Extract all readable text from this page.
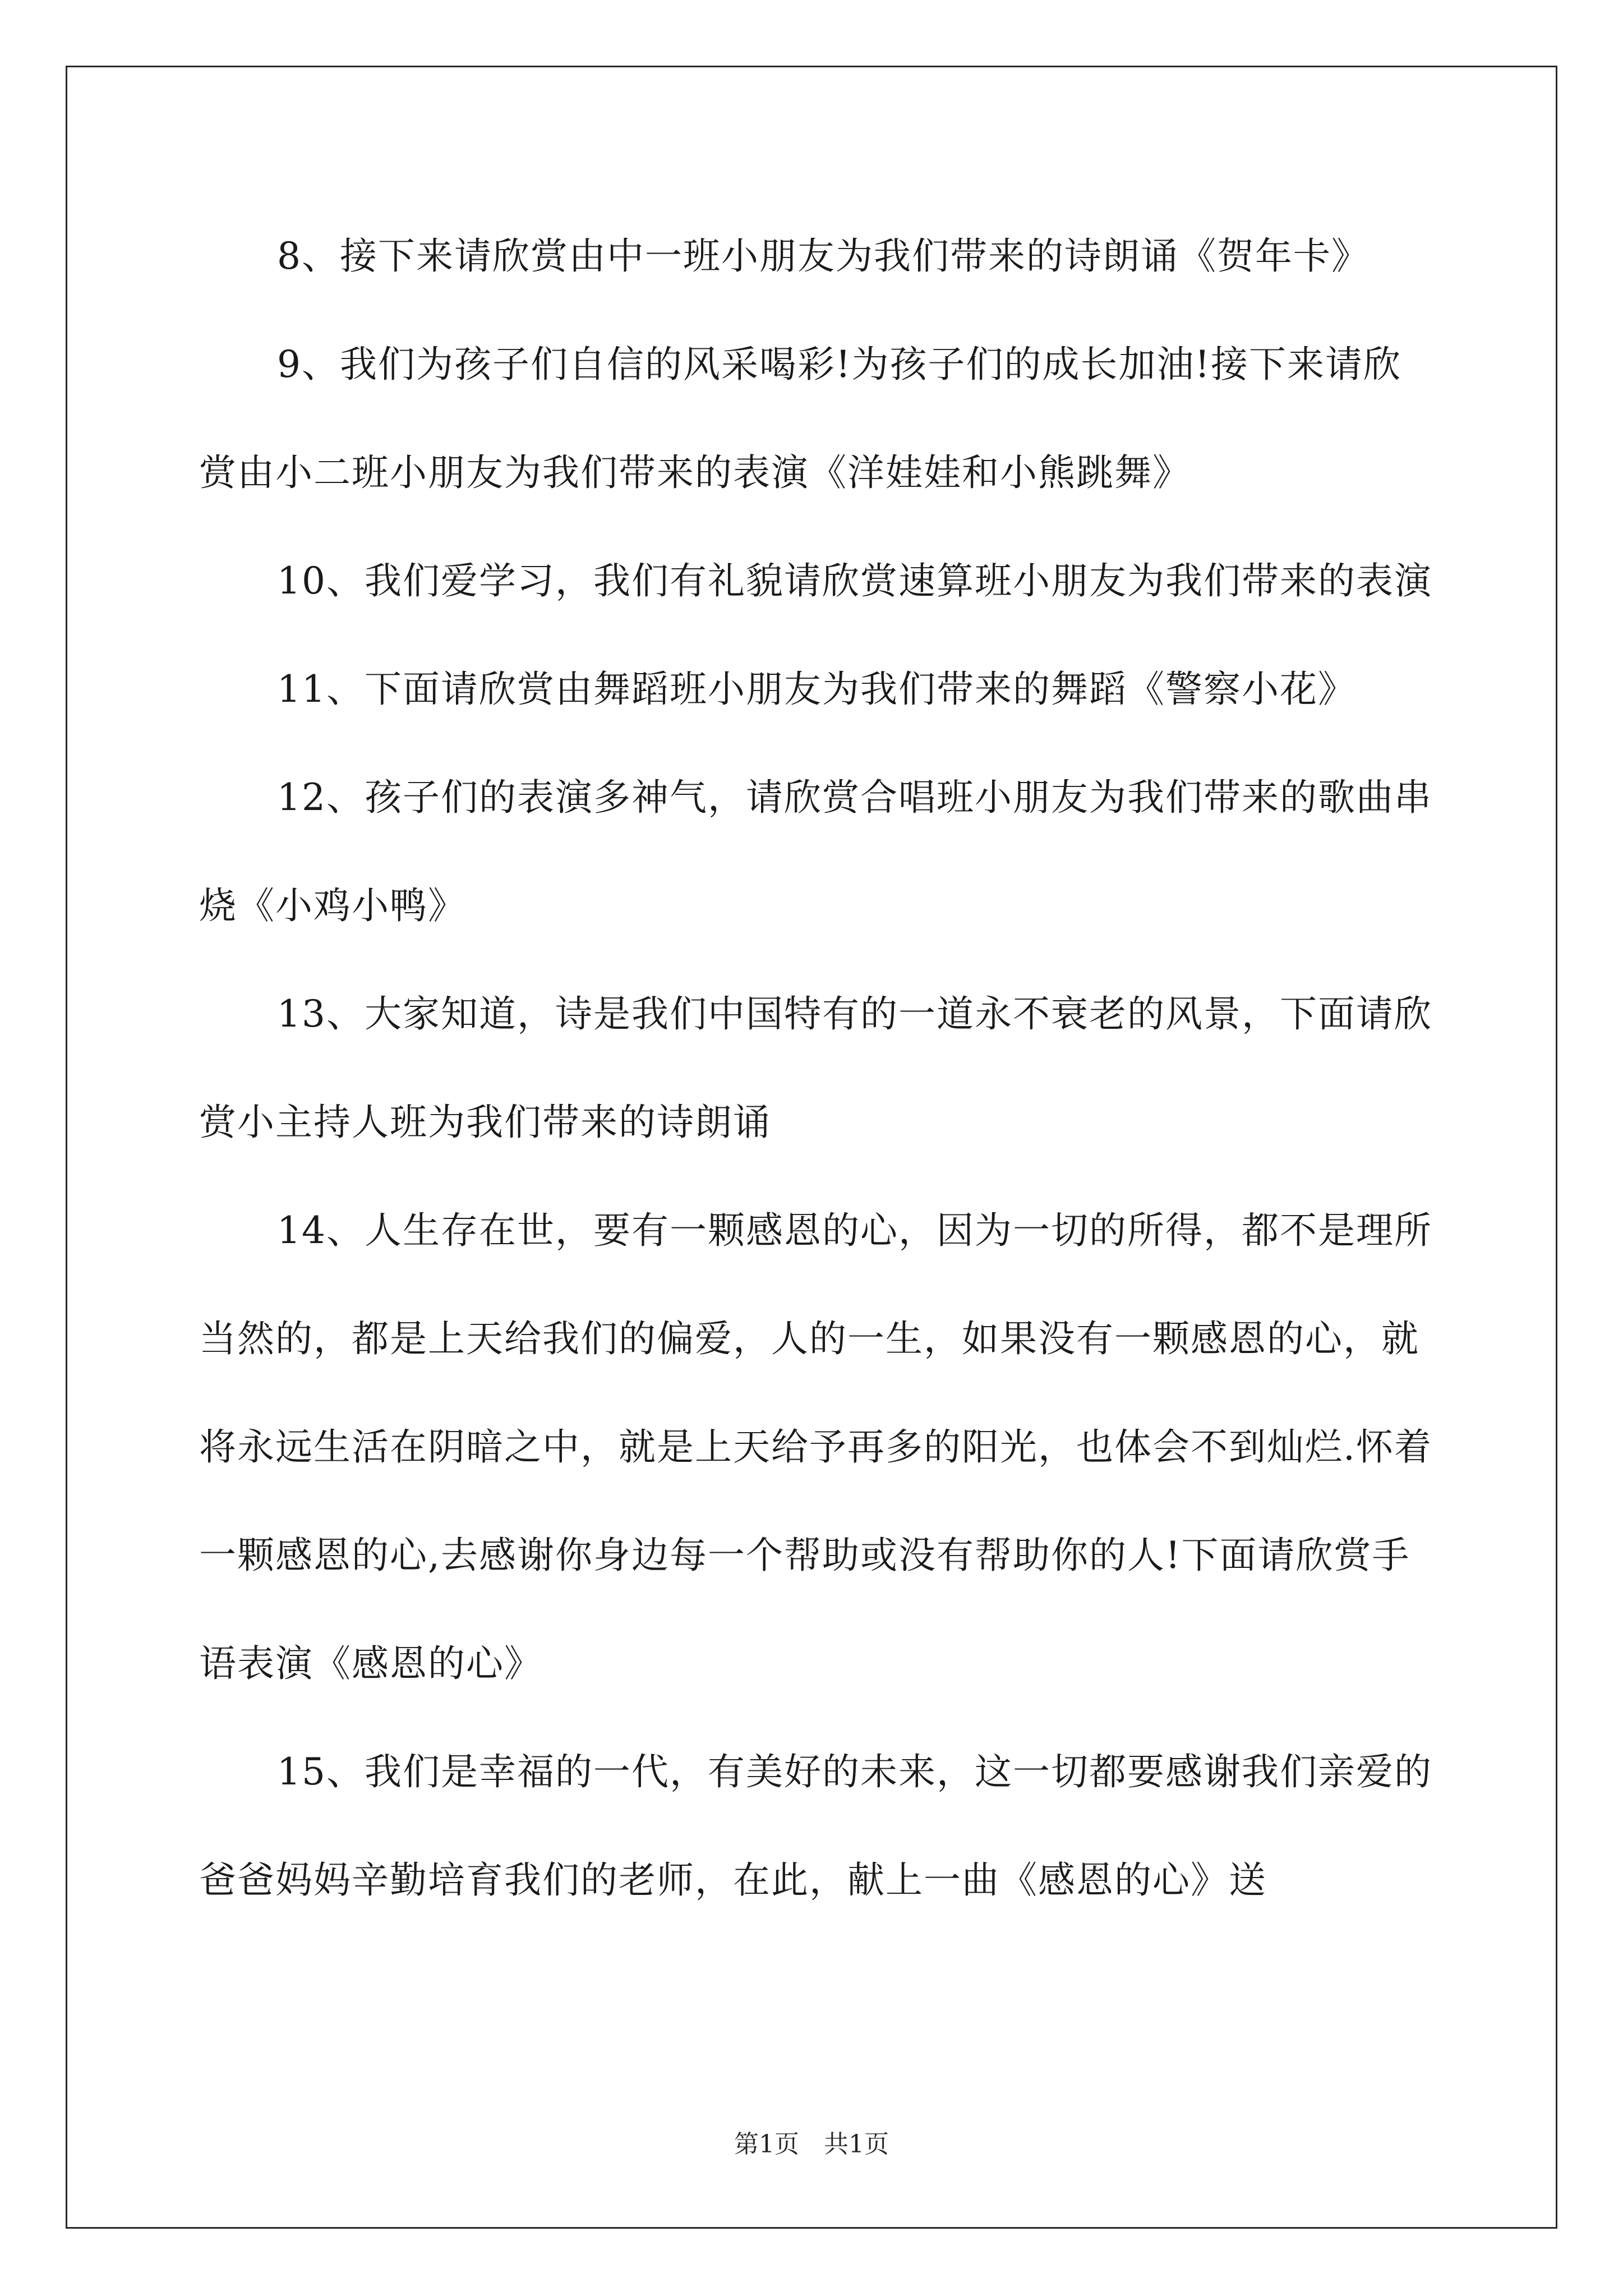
8、接下来请欣赏由中一班小朋友为我们带来的诗朗诵《贺年卡》

9、我们为孩子们自信的风采喝彩!为孩子们的成长加油!接下来请欣赏由小二班小朋友为我们带来的表演《洋娃娃和小熊跳舞》

10、我们爱学习，我们有礼貌请欣赏速算班小朋友为我们带来的表演

11、下面请欣赏由舞蹈班小朋友为我们带来的舞蹈《警察小花》

12、孩子们的表演多神气，请欣赏合唱班小朋友为我们带来的歌曲串烧《小鸡小鸭》

13、大家知道，诗是我们中国特有的一道永不衰老的风景，下面请欣赏小主持人班为我们带来的诗朗诵

14、人生存在世，要有一颗感恩的心，因为一切的所得，都不是理所当然的，都是上天给我们的偏爱，人的一生，如果没有一颗感恩的心，就将永远生活在阴暗之中，就是上天给予再多的阳光，也体会不到灿烂.怀着一颗感恩的心,去感谢你身边每一个帮助或没有帮助你的人!下面请欣赏手语表演《感恩的心》

15、我们是幸福的一代，有美好的未来，这一切都要感谢我们亲爱的爸爸妈妈辛勤培育我们的老师，在此，献上一曲《感恩的心》送

第1页　共1页
